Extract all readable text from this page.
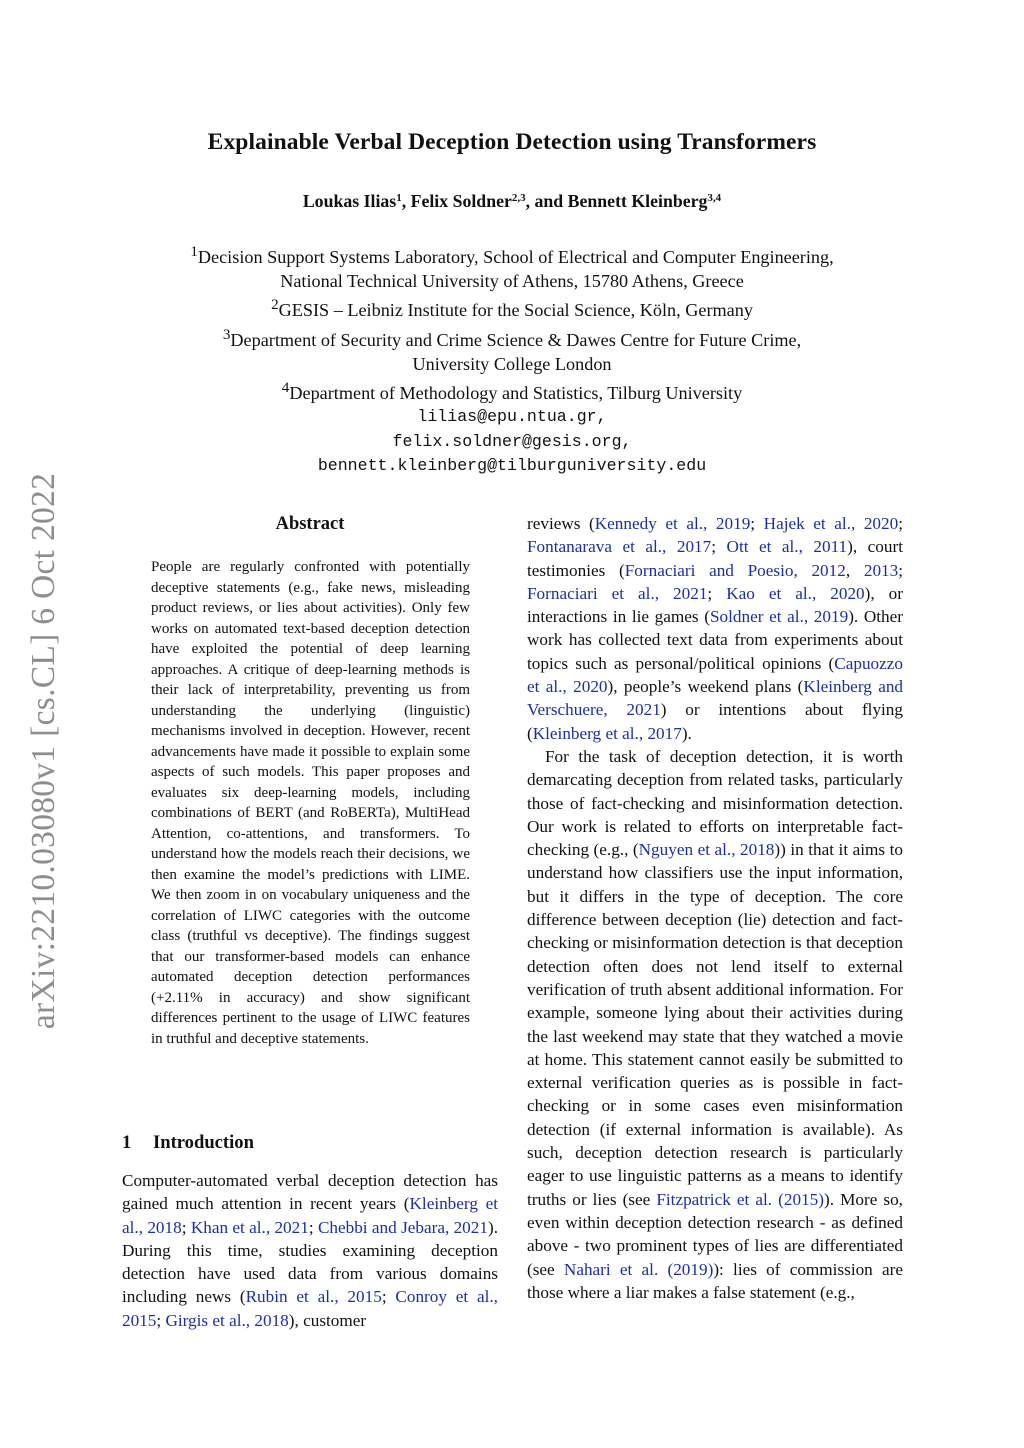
arXiv:2210.03080v1 [cs.CL] 6 Oct 2022
Explainable Verbal Deception Detection using Transformers
Loukas Ilias$^1$, Felix Soldner$^{2,3}$, and Bennett Kleinberg$^{3,4}$
$^1$Decision Support Systems Laboratory, School of Electrical and Computer Engineering,
National Technical University of Athens, 15780 Athens, Greece
$^2$GESIS – Leibniz Institute for the Social Science, Köln, Germany
$^3$Department of Security and Crime Science & Dawes Centre for Future Crime,
University College London
$^4$Department of Methodology and Statistics, Tilburg University
lilias@epu.ntua.gr,
felix.soldner@gesis.org,
bennett.kleinberg@tilburguniversity.edu
Abstract
People are regularly confronted with potentially deceptive statements (e.g., fake news, misleading product reviews, or lies about activities). Only few works on automated text-based deception detection have exploited the potential of deep learning approaches. A critique of deep-learning methods is their lack of interpretability, preventing us from understanding the underlying (linguistic) mechanisms involved in deception. However, recent advancements have made it possible to explain some aspects of such models. This paper proposes and evaluates six deep-learning models, including combinations of BERT (and RoBERTa), MultiHead Attention, co-attentions, and transformers. To understand how the models reach their decisions, we then examine the model’s predictions with LIME. We then zoom in on vocabulary uniqueness and the correlation of LIWC categories with the outcome class (truthful vs deceptive). The findings suggest that our transformer-based models can enhance automated deception detection performances (+2.11% in accuracy) and show significant differences pertinent to the usage of LIWC features in truthful and deceptive statements.
1 Introduction

Computer-automated verbal deception detection has gained much attention in recent years (Kleinberg et al., 2018; Khan et al., 2021; Chebbi and Jebara, 2021). During this time, studies examining deception detection have used data from various domains including news (Rubin et al., 2015; Conroy et al., 2015; Girgis et al., 2018), customer

reviews (Kennedy et al., 2019; Hajek et al., 2020; Fontanarava et al., 2017; Ott et al., 2011), court testimonies (Fornaciari and Poesio, 2012, 2013; Fornaciari et al., 2021; Kao et al., 2020), or interactions in lie games (Soldner et al., 2019). Other work has collected text data from experiments about topics such as personal/political opinions (Capuozzo et al., 2020), people’s weekend plans (Kleinberg and Verschuere, 2021) or intentions about flying (Kleinberg et al., 2017).

For the task of deception detection, it is worth demarcating deception from related tasks, particularly those of fact-checking and misinformation detection. Our work is related to efforts on interpretable fact-checking (e.g., (Nguyen et al., 2018)) in that it aims to understand how classifiers use the input information, but it differs in the type of deception. The core difference between deception (lie) detection and fact-checking or misinformation detection is that deception detection often does not lend itself to external verification of truth absent additional information. For example, someone lying about their activities during the last weekend may state that they watched a movie at home. This statement cannot easily be submitted to external verification queries as is possible in fact-checking or in some cases even misinformation detection (if external information is available). As such, deception detection research is particularly eager to use linguistic patterns as a means to identify truths or lies (see Fitzpatrick et al. (2015)). More so, even within deception detection research - as defined above - two prominent types of lies are differentiated (see Nahari et al. (2019)): lies of commission are those where a liar makes a false statement (e.g.,
